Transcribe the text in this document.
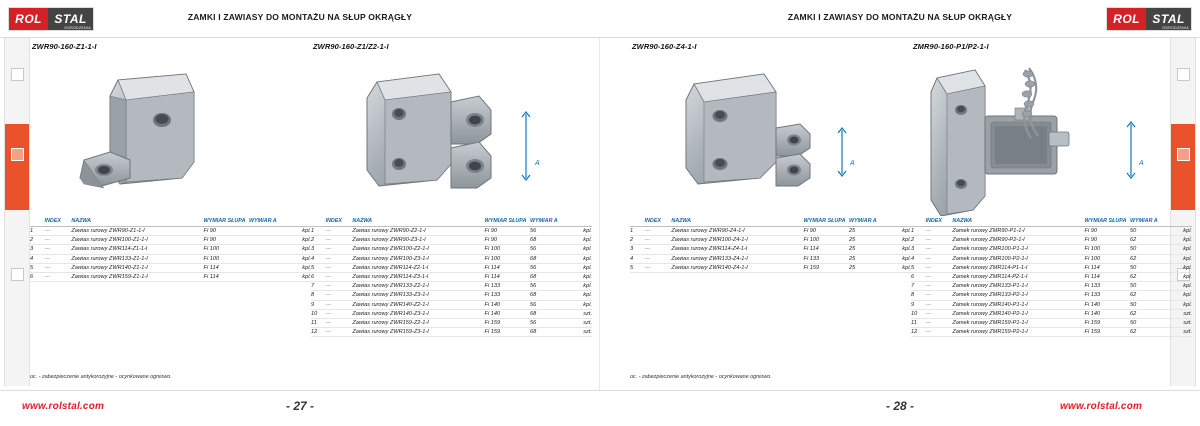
ROL	STAL
OGRODZENIA
ZAMKI I ZAWIASY DO MONTAŻU NA SŁUP OKRĄGŁY
ZWR90-160-Z1-1-I
	INDEX	NAZWA	WYMIAR SŁUPA	WYMIAR A	
1	---	Zawias rurowy ZWR90-Z1-1-I	Fi 90		kpl.
2	---	Zawias rurowy ZWR100-Z1-1-I	Fi 90		kpl.
3	---	Zawias rurowy ZWR114-Z1-1-I	Fi 100		kpl.
4	---	Zawias rurowy ZWR133-Z1-1-I	Fi 100		kpl.
5	---	Zawias rurowy ZWR140-Z1-1-I	Fi 114		kpl.
6	---	Zawias rurowy ZWR159-Z1-1-I	Fi 114		kpl.
ZWR90-160-Z1/Z2-1-I
A
	INDEX	NAZWA	WYMIAR SŁUPA	WYMIAR A	
1	---	Zawias rurowy ZWR90-Z2-1-I	Fi 90	56	kpl.
2	---	Zawias rurowy ZWR90-Z3-1-I	Fi 90	68	kpl.
3	---	Zawias rurowy ZWR100-Z2-1-I	Fi 100	56	kpl.
4	---	Zawias rurowy ZWR100-Z3-1-I	Fi 100	68	kpl.
5	---	Zawias rurowy ZWR114-Z2-1-I	Fi 114	56	kpl.
6	---	Zawias rurowy ZWR114-Z3-1-I	Fi 114	68	kpl.
7	---	Zawias rurowy ZWR133-Z2-1-I	Fi 133	56	kpl.
8	---	Zawias rurowy ZWR133-Z3-1-I	Fi 133	68	kpl.
9	---	Zawias rurowy ZWR140-Z2-1-I	Fi 140	56	kpl.
10	---	Zawias rurowy ZWR140-Z3-1-I	Fi 140	68	szt.
11	---	Zawias rurowy ZWR159-Z2-1-I	Fi 159	56	szt.
12	---	Zawias rurowy ZWR159-Z3-1-I	Fi 159	68	szt.
oc. - zabezpieczenie antykorozyjne - ocynkowane ogniowo.
www.rolstal.com	- 27 -
ZAMKI I ZAWIASY DO MONTAŻU NA SŁUP OKRĄGŁY	ROL	STAL
OGRODZENIA
ZWR90-160-Z4-1-I
A
	INDEX	NAZWA	WYMIAR SŁUPA	WYMIAR A	
1	---	Zawias rurowy ZWR90-Z4-1-I	Fi 90	25	kpl.
2	---	Zawias rurowy ZWR100-Z4-1-I	Fi 100	25	kpl.
3	---	Zawias rurowy ZWR114-Z4-1-I	Fi 114	25	kpl.
4	---	Zawias rurowy ZWR133-Z4-1-I	Fi 133	25	kpl.
5	---	Zawias rurowy ZWR140-Z4-1-I	Fi 159	25	kpl.
ZMR90-160-P1/P2-1-I
A
	INDEX	NAZWA	WYMIAR SŁUPA	WYMIAR A	
1	---	Zamek rurowy ZMR90-P1-1-I	Fi 90	50	kpl.
2	---	Zamek rurowy ZMR90-P2-1-I	Fi 90	62	kpl.
3	---	Zamek rurowy ZMR100-P1-1-I	Fi 100	50	kpl.
4	---	Zamek rurowy ZMR100-P2-1-I	Fi 100	62	kpl.
5	---	Zamek rurowy ZMR114-P1-1-I	Fi 114	50	kpl.
6	---	Zamek rurowy ZMR114-P2-1-I	Fi 114	62	kpl.
7	---	Zamek rurowy ZMR133-P1-1-I	Fi 133	50	kpl.
8	---	Zamek rurowy ZMR133-P2-1-I	Fi 133	62	kpl.
9	---	Zamek rurowy ZMR140-P1-1-I	Fi 140	50	kpl.
10	---	Zamek rurowy ZMR140-P2-1-I	Fi 140	62	szt.
11	---	Zamek rurowy ZMR159-P1-1-I	Fi 159	50	szt.
12	---	Zamek rurowy ZMR159-P2-1-I	Fi 159	62	szt.
oc. - zabezpieczenie antykorozyjne - ocynkowane ogniowo.
- 28 -	www.rolstal.com
